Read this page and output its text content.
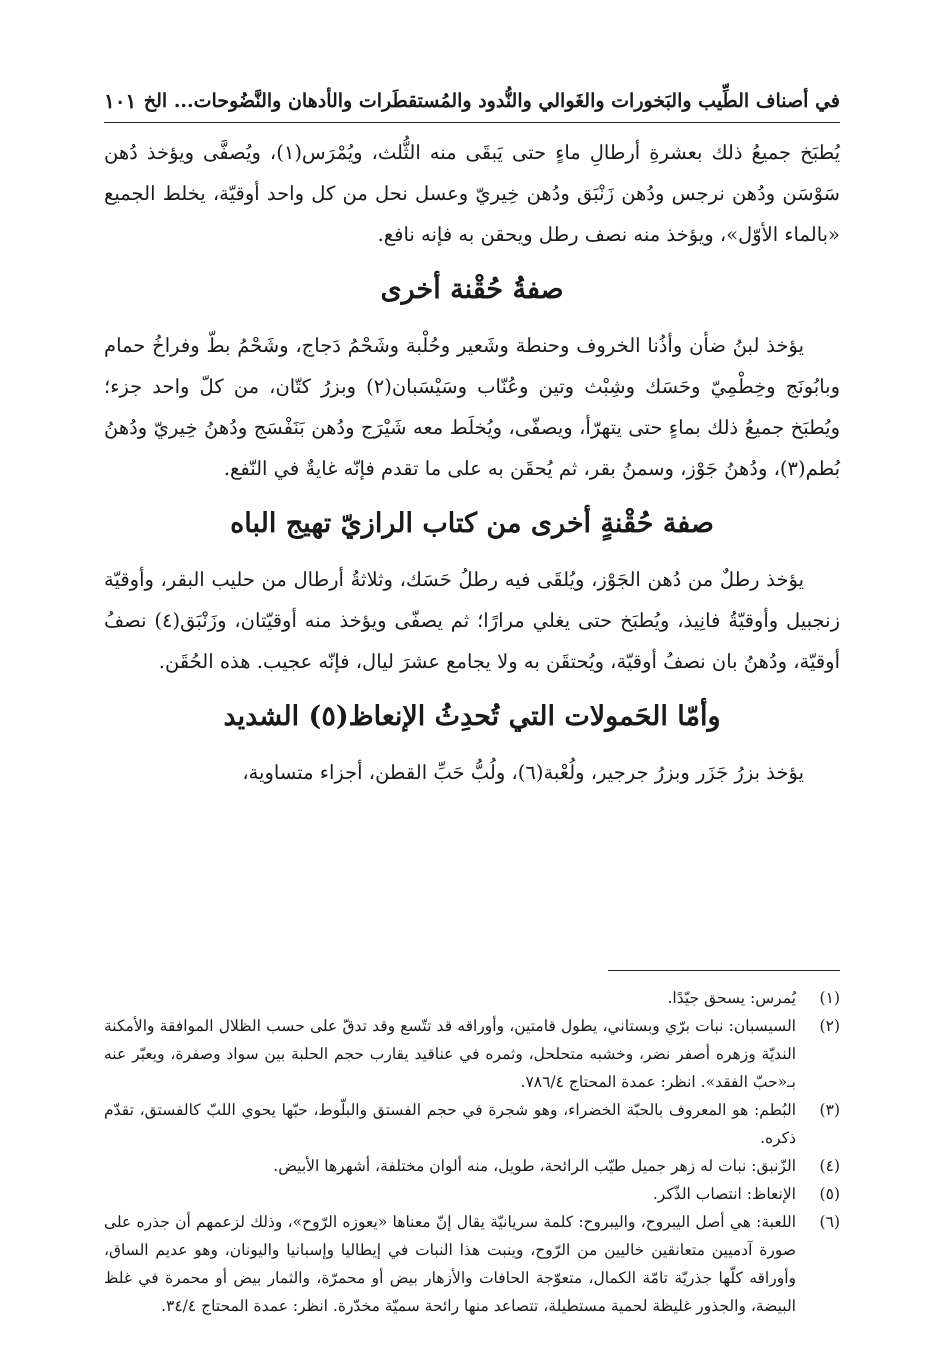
في أصناف الطِّيب والبَخورات والغَوالي والنُّدود والمُستقطَرات والأدهان والنَّضُوحات... الخ
١٠١

يُطبَخ جميعُ ذلك بعشرةِ أرطالِ ماءٍ حتى يَبقَى منه الثُّلث، ويُمْرَس(١)، ويُصفَّى ويؤخذ دُهن سَوْسَن ودُهن نرجس ودُهن زَنْبَق ودُهن خِيريّ وعسل نحل من كل واحد أوقيّة، يخلط الجميع «بالماء الأوّل»، ويؤخذ منه نصف رطل ويحقن به فإنه نافع.

صفةُ حُقْنة أخرى

يؤخذ لبنُ ضأن وأذُنا الخروف وحنطة وشَعير وحُلْبة وشَحْمُ دَجاج، وشَحْمُ بطّ وفراخُ حمام وبابُونَج وخِطْمِيّ وحَسَك وشِبْث وتين وعُنّاب وسَيْسَبان(٢) وبزرُ كتّان، من كلّ واحد جزء؛ ويُطبَخ جميعُ ذلك بماءٍ حتى يتهرّأ، ويصفّى، ويُخلَط معه شَيْرَج ودُهن بَنَفْسَج ودُهنُ خِيريّ ودُهنُ بُطم(٣)، ودُهنُ جَوْز، وسمنُ بقر، ثم يُحقَن به على ما تقدم فإنّه غايةٌ في النّفع.

صفة حُقْنةٍ أخرى من كتاب الرازيّ تهيج الباه

يؤخذ رطلٌ من دُهن الجَوْز، ويُلقَى فيه رطلُ حَسَك، وثلاثةُ أرطال من حليب البقر، وأوقيّة زنجبيل وأوقيّةُ فانِيذ، ويُطبَخ حتى يغلي مرارًا؛ ثم يصفّى ويؤخذ منه أوقيّتان، وزَنْبَق(٤) نصفُ أوقيّة، ودُهنُ بان نصفُ أوقيّة، ويُحتقَن به ولا يجامع عشرَ ليال، فإنّه عجيب. هذه الحُقَن.

وأمّا الحَمولات التي تُحدِثُ الإنعاظ(٥) الشديد

يؤخذ بزرُ جَزَر وبزرُ جرجير، ولُعْبة(٦)، ولُبُّ حَبِّ القطن، أجزاء متساوية،

(١)
يُمرس: يسحق جيّدًا.
(٢)
السيسبان: نبات برّي وبستاني، يطول قامتين، وأوراقه قد تتّسع وقد تدقّ على حسب الظلال الموافقة والأمكنة النديّة وزهره أصفر نضر، وخشبه متحلحل، وثمره في عناقيد يقارب حجم الحلبة بين سواد وصفرة، ويعبّر عنه بـ«حبّ الفقد». انظر: عمدة المحتاج ٧٨٦/٤.
(٣)
البُطم: هو المعروف بالحبّة الخضراء، وهو شجرة في حجم الفستق والبلّوط، حبّها يحوي اللبّ كالفستق، تقدّم ذكره.
(٤)
الزّنبق: نبات له زهر جميل طيّب الرائحة، طويل، منه ألوان مختلفة، أشهرها الأبيض.
(٥)
الإنعاظ: انتصاب الذّكر.
(٦)
اللعبة: هي أصل اليبروح، واليبروح: كلمة سريانيّة يقال إنّ معناها «يعوزه الرّوح»، وذلك لزعمهم أن جذره على صورة آدميين متعانقين خاليين من الرّوح، وينبت هذا النبات في إيطاليا وإسبانيا واليونان، وهو عديم الساق، وأوراقه كلّها جذريّة تامّة الكمال، متعوّجة الحافات والأزهار بيض أو محمرّة، والثمار بيض أو محمرة في غلظ البيضة، والجذور غليظة لحمية مستطيلة، تتصاعد منها رائحة سميّة مخدّرة. انظر: عمدة المحتاج ٣٤/٤.
